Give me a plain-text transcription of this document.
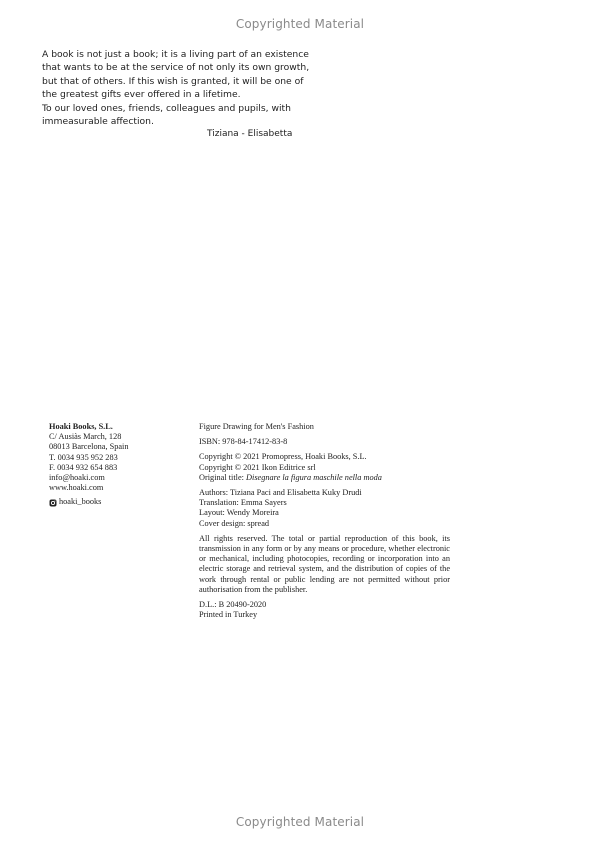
Copyrighted Material

A book is not just a book; it is a living part of an existence

that wants to be at the service of not only its own growth,

but that of others. If this wish is granted, it will be one of

the greatest gifts ever offered in a lifetime.

To our loved ones, friends, colleagues and pupils, with

immeasurable affection.

Tiziana - Elisabetta
Hoaki Books, S.L.
C/ Ausiàs March, 128
08013 Barcelona, Spain
T. 0034 935 952 283
F. 0034 932 654 883
info@hoaki.com
www.hoaki.com
hoaki_books
Figure Drawing for Men's Fashion
ISBN: 978-84-17412-83-8
Copyright © 2021 Promopress, Hoaki Books, S.L.
Copyright © 2021 Ikon Editrice srl
Original title: Disegnare la figura maschile nella moda
Authors: Tiziana Paci and Elisabetta Kuky Drudi
Translation: Emma Sayers
Layout: Wendy Moreira
Cover design: spread
All rights reserved. The total or partial reproduction of this book, its transmission in any form or by any means or procedure, whether electronic or mechanical, including photocopies, recording or incorporation into an electric storage and retrieval system, and the distribution of copies of the work through rental or public lending are not permitted without prior authorisation from the publisher.
D.L.: B 20490-2020
Printed in Turkey
Copyrighted Material
